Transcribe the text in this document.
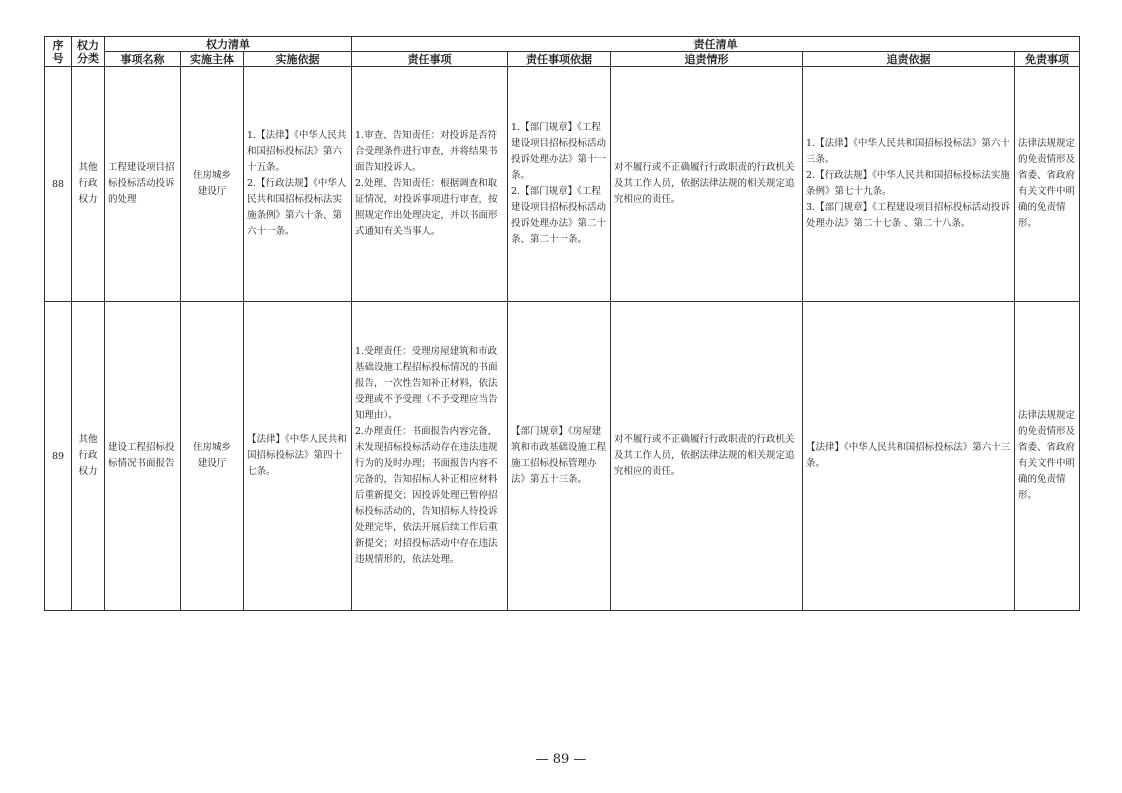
序
号	权力
分类	权力清单			责任清单				
		事项名称	实施主体	实施依据	责任事项	责任事项依据	追责情形	追责依据	免责事项
88	其他
行政
权力	工程建设项目招标投标活动投诉的处理	住房城乡
建设厅	1.【法律】《中华人民共和国招标投标法》第六十五条。
2.【行政法规】《中华人民共和国招标投标法实施条例》第六十条、第六十一条。	1.审查、告知责任：对投诉是否符合受理条件进行审查，并将结果书面告知投诉人。
2.处理、告知责任：根据调查和取证情况，对投诉事项进行审查，按照规定作出处理决定，并以书面形式通知有关当事人。	1.【部门规章】《工程建设项目招标投标活动投诉处理办法》第十一条。
2.【部门规章】《工程建设项目招标投标活动投诉处理办法》第二十条、第二十一条。	对不履行或不正确履行行政职责的行政机关及其工作人员，依据法律法规的相关规定追究相应的责任。	1.【法律】《中华人民共和国招标投标法》第六十三条。
2.【行政法规】《中华人民共和国招标投标法实施条例》第七十九条。
3.【部门规章】《工程建设项目招标投标活动投诉处理办法》第二十七条 、第二十八条。	法律法规规定的免责情形及省委、省政府有关文件中明确的免责情形。
89	其他
行政
权力	建设工程招标投标情况书面报告	住房城乡
建设厅	【法律】《中华人民共和国招标投标法》第四十七条。	1.受理责任：受理房屋建筑和市政基础设施工程招标投标情况的书面报告，一次性告知补正材料，依法受理或不予受理（不予受理应当告知理由）。
2.办理责任：书面报告内容完备，未发现招标投标活动存在违法违规行为的及时办理；书面报告内容不完备的，告知招标人补正相应材料后重新提交；因投诉处理已暂停招标投标活动的，告知招标人待投诉处理完毕，依法开展后续工作后重新提交；对招投标活动中存在违法违规情形的，依法处理。	【部门规章】《房屋建筑和市政基础设施工程施工招标投标管理办法》第五十三条。	对不履行或不正确履行行政职责的行政机关及其工作人员，依据法律法规的相关规定追究相应的责任。	【法律】《中华人民共和国招标投标法》第六十三条。	法律法规规定的免责情形及省委、省政府有关文件中明确的免责情形。
— 89 —
